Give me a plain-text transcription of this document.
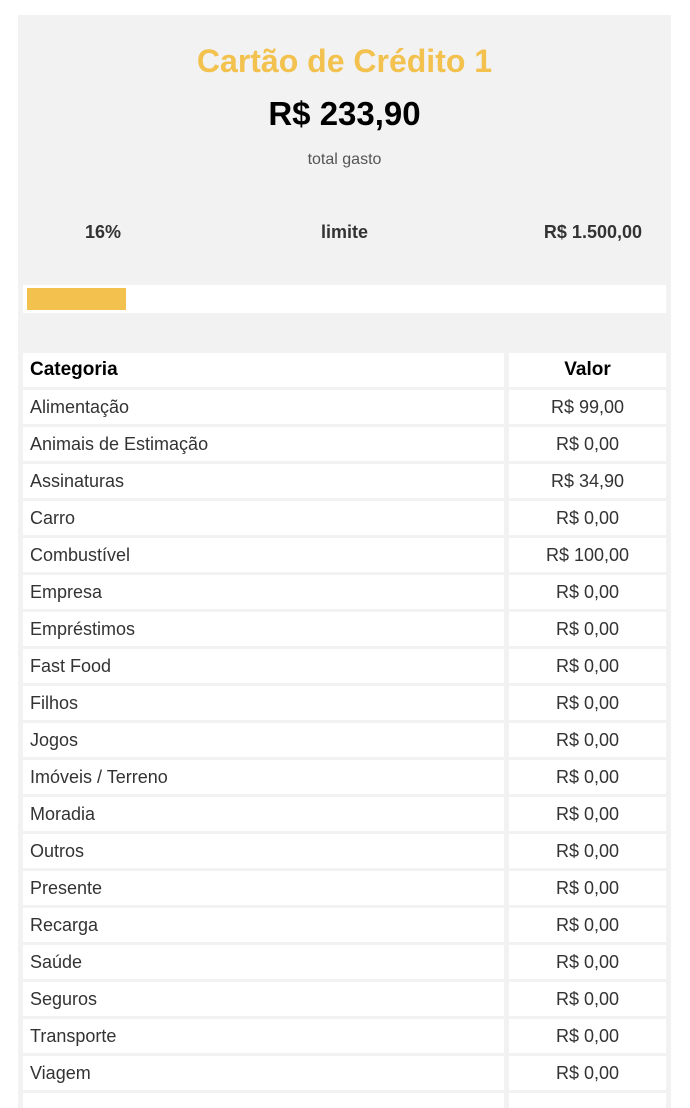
Cartão de Crédito 1
R$ 233,90
total gasto
limite
16%	R$ 1.500,00
Categoria	Valor
Alimentação	R$ 99,00
Animais de Estimação	R$ 0,00
Assinaturas	R$ 34,90
Carro	R$ 0,00
Combustível	R$ 100,00
Empresa	R$ 0,00
Empréstimos	R$ 0,00
Fast Food	R$ 0,00
Filhos	R$ 0,00
Jogos	R$ 0,00
Imóveis / Terreno	R$ 0,00
Moradia	R$ 0,00
Outros	R$ 0,00
Presente	R$ 0,00
Recarga	R$ 0,00
Saúde	R$ 0,00
Seguros	R$ 0,00
Transporte	R$ 0,00
Viagem	R$ 0,00
